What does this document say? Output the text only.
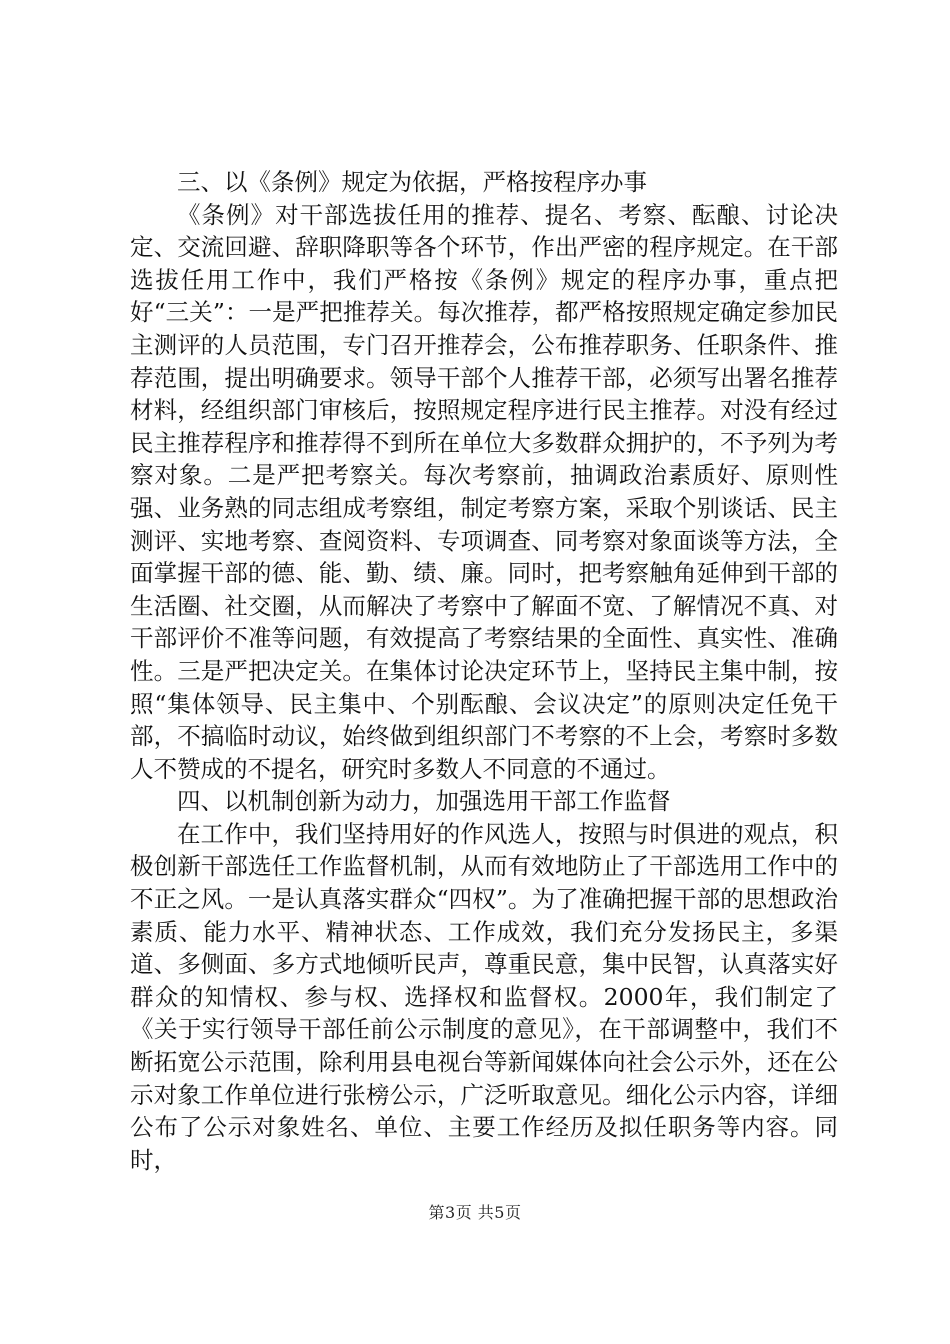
三、以《条例》规定为依据，严格按程序办事

《条例》对干部选拔任用的推荐、提名、考察、酝酿、讨论决定、交流回避、辞职降职等各个环节，作出严密的程序规定。在干部选拔任用工作中，我们严格按《条例》规定的程序办事，重点把好“三关”：一是严把推荐关。每次推荐，都严格按照规定确定参加民主测评的人员范围，专门召开推荐会，公布推荐职务、任职条件、推荐范围，提出明确要求。领导干部个人推荐干部，必须写出署名推荐材料，经组织部门审核后，按照规定程序进行民主推荐。对没有经过民主推荐程序和推荐得不到所在单位大多数群众拥护的，不予列为考察对象。二是严把考察关。每次考察前，抽调政治素质好、原则性强、业务熟的同志组成考察组，制定考察方案，采取个别谈话、民主测评、实地考察、查阅资料、专项调查、同考察对象面谈等方法，全面掌握干部的德、能、勤、绩、廉。同时，把考察触角延伸到干部的生活圈、社交圈，从而解决了考察中了解面不宽、了解情况不真、对干部评价不准等问题，有效提高了考察结果的全面性、真实性、准确性。三是严把决定关。在集体讨论决定环节上，坚持民主集中制，按照“集体领导、民主集中、个别酝酿、会议决定”的原则决定任免干部，不搞临时动议，始终做到组织部门不考察的不上会，考察时多数人不赞成的不提名，研究时多数人不同意的不通过。

四、以机制创新为动力，加强选用干部工作监督

在工作中，我们坚持用好的作风选人，按照与时俱进的观点，积极创新干部选任工作监督机制，从而有效地防止了干部选用工作中的不正之风。一是认真落实群众“四权”。为了准确把握干部的思想政治素质、能力水平、精神状态、工作成效，我们充分发扬民主，多渠道、多侧面、多方式地倾听民声，尊重民意，集中民智，认真落实好群众的知情权、参与权、选择权和监督权。2000年，我们制定了《关于实行领导干部任前公示制度的意见》，在干部调整中，我们不断拓宽公示范围，除利用县电视台等新闻媒体向社会公示外，还在公示对象工作单位进行张榜公示，广泛听取意见。细化公示内容，详细公布了公示对象姓名、单位、主要工作经历及拟任职务等内容。同时，

第3页 共5页
